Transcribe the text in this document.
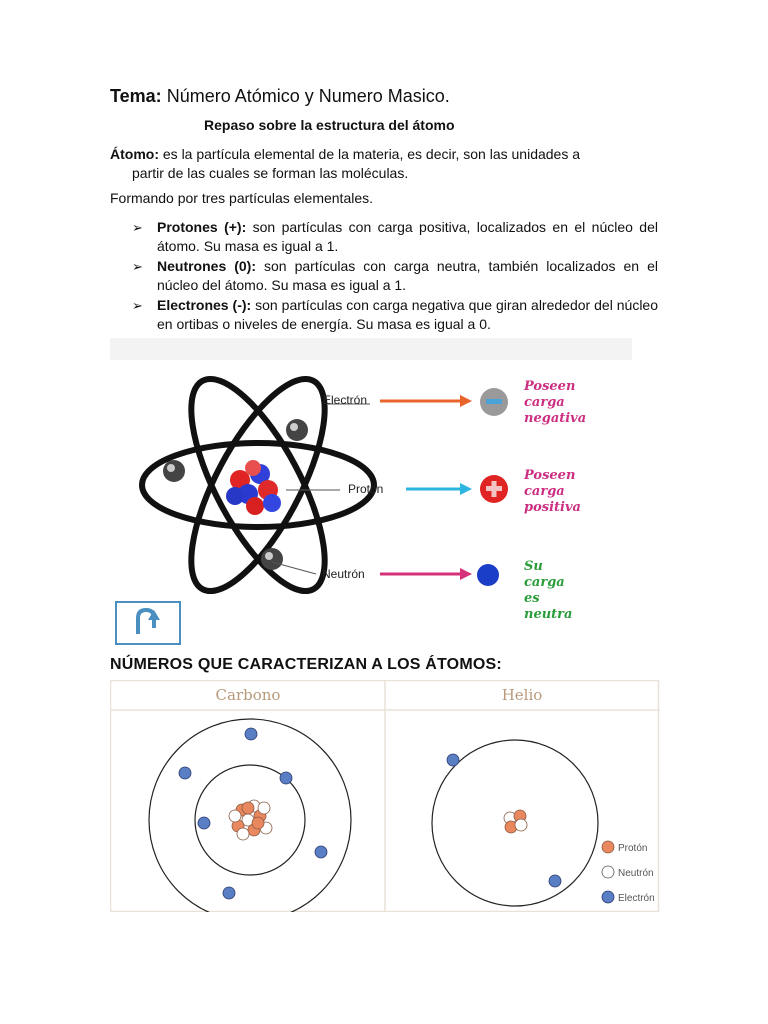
Tema: Número Atómico y Numero Masico.
Repaso sobre la estructura del átomo
Átomo: es la partícula elemental de la materia, es decir, son las unidades a
partir de las cuales se forman las moléculas.
Formando por tres partículas elementales.
➢ Protones (+): son partículas con carga positiva, localizados en el núcleo del átomo. Su masa es igual a 1.
➢ Neutrones (0): son partículas con carga neutra, también localizados en el núcleo del átomo. Su masa es igual a 1.
➢ Electrones (-): son partículas con carga negativa que giran alrededor del núcleo en ortibas o niveles de energía. Su masa es igual a 0.
Electrón
Protón
Neutrón
Poseen
carga
negativa
Poseen
carga
positiva
Su
carga
es
neutra
NÚMEROS QUE CARACTERIZAN A LOS ÁTOMOS:
Carbono	Helio
Protón
Neutrón
Electrón
